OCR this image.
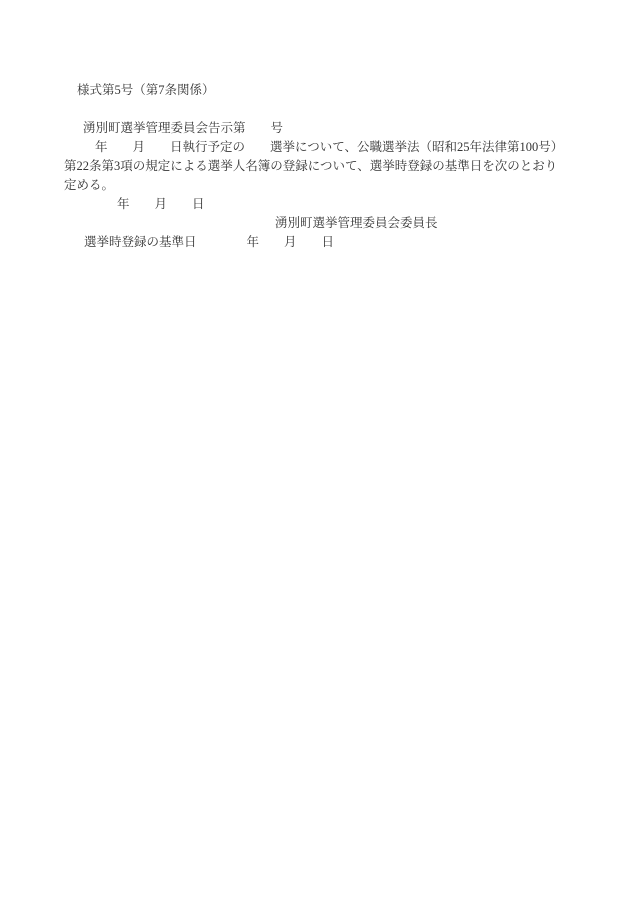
様式第5号（第7条関係）

湧別町選挙管理委員会告示第　　号

年　　月　　日執行予定の　　選挙について、公職選挙法（昭和25年法律第100号）

第22条第3項の規定による選挙人名簿の登録について、選挙時登録の基準日を次のとおり

定める。

年　　月　　日

湧別町選挙管理委員会委員長

選挙時登録の基準日　　　　年　　月　　日
